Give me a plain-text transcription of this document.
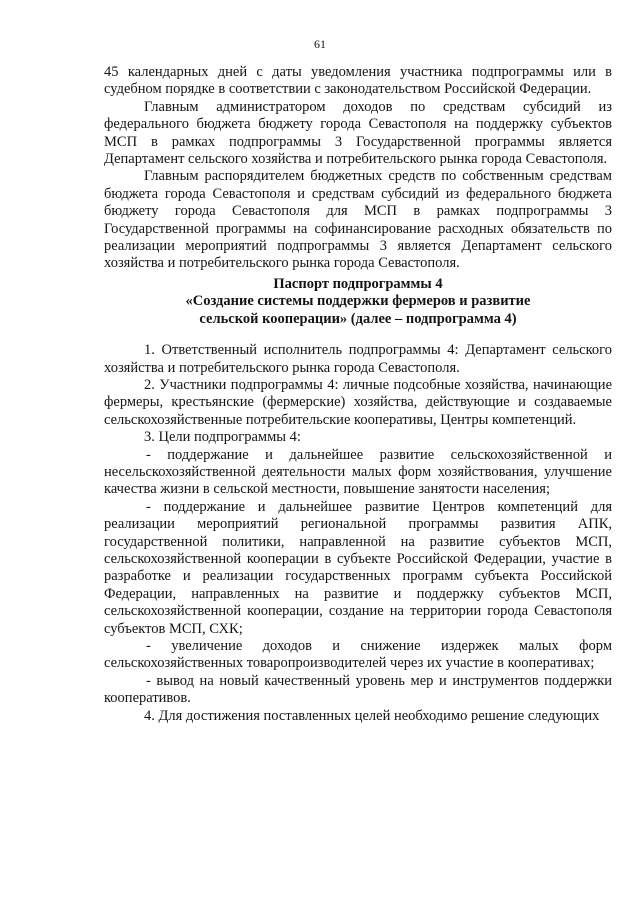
61

45 календарных дней с даты уведомления участника подпрограммы или в судебном порядке в соответствии с законодательством Российской Федерации.

Главным администратором доходов по средствам субсидий из федерального бюджета бюджету города Севастополя на поддержку субъектов МСП в рамках подпрограммы 3 Государственной программы является Департамент сельского хозяйства и потребительского рынка города Севастополя.

Главным распорядителем бюджетных средств по собственным средствам бюджета города Севастополя и средствам субсидий из федерального бюджета бюджету города Севастополя для МСП в рамках подпрограммы 3 Государственной программы на софинансирование расходных обязательств по реализации мероприятий подпрограммы 3 является Департамент сельского хозяйства и потребительского рынка города Севастополя.

Паспорт подпрограммы 4
«Создание системы поддержки фермеров и развитие
сельской кооперации» (далее – подпрограмма 4)

1. Ответственный исполнитель подпрограммы 4: Департамент сельского хозяйства и потребительского рынка города Севастополя.

2. Участники подпрограммы 4: личные подсобные хозяйства, начинающие фермеры, крестьянские (фермерские) хозяйства, действующие и создаваемые сельскохозяйственные потребительские кооперативы, Центры компетенций.

3. Цели подпрограммы 4:

- поддержание и дальнейшее развитие сельскохозяйственной и несельскохозяйственной деятельности малых форм хозяйствования, улучшение качества жизни в сельской местности, повышение занятости населения;

- поддержание и дальнейшее развитие Центров компетенций для реализации мероприятий региональной программы развития АПК, государственной политики, направленной на развитие субъектов МСП, сельскохозяйственной кооперации в субъекте Российской Федерации, участие в разработке и реализации государственных программ субъекта Российской Федерации, направленных на развитие и поддержку субъектов МСП, сельскохозяйственной кооперации, создание на территории города Севастополя субъектов МСП, СХК;

- увеличение доходов и снижение издержек малых форм сельскохозяйственных товаропроизводителей через их участие в кооперативах;

- вывод на новый качественный уровень мер и инструментов поддержки кооперативов.

4. Для достижения поставленных целей необходимо решение следующих
